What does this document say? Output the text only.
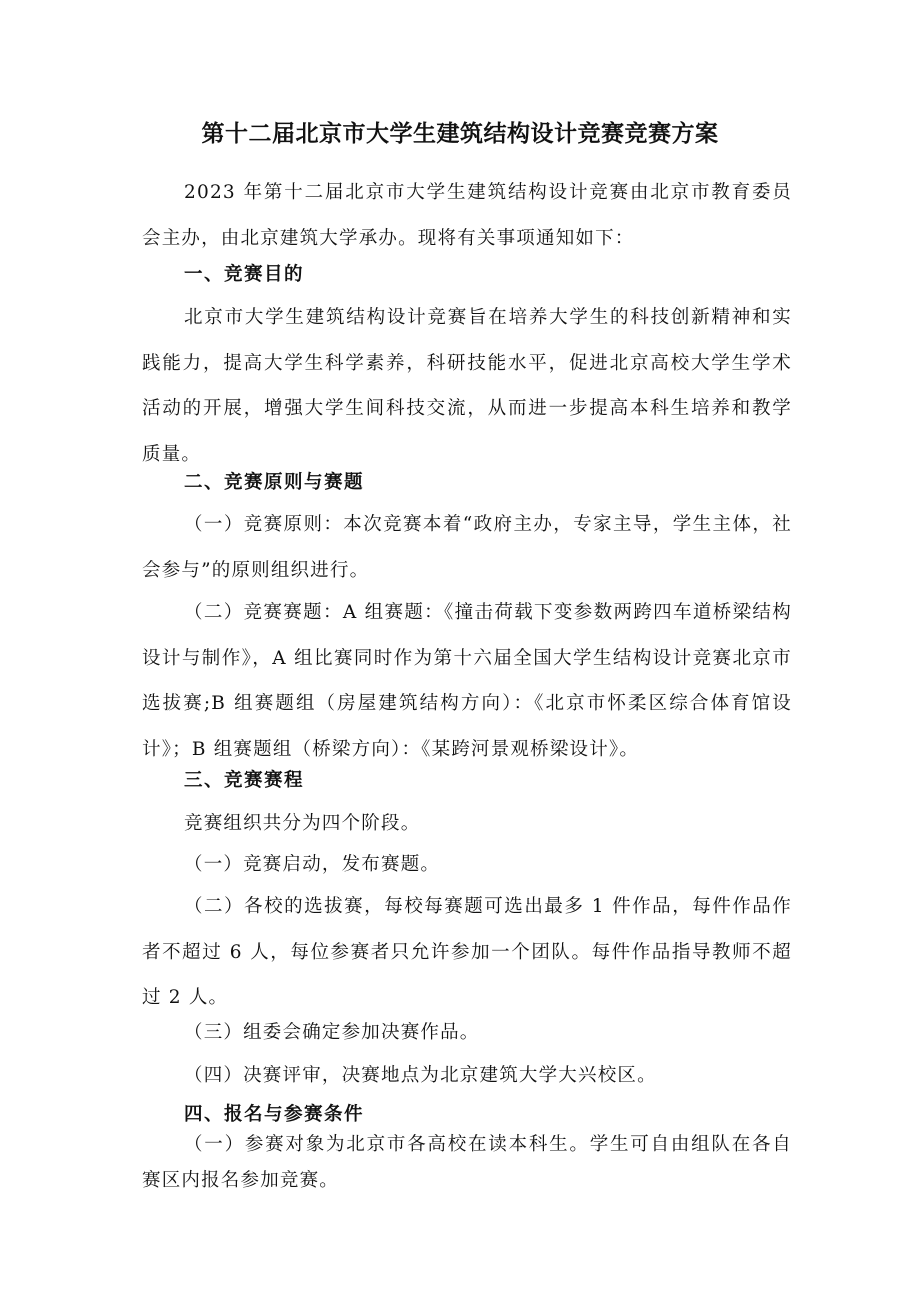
第十二届北京市大学生建筑结构设计竞赛竞赛方案

2023 年第十二届北京市大学生建筑结构设计竞赛由北京市教育委员会主办，由北京建筑大学承办。现将有关事项通知如下：

一、竞赛目的

北京市大学生建筑结构设计竞赛旨在培养大学生的科技创新精神和实践能力，提高大学生科学素养，科研技能水平，促进北京高校大学生学术活动的开展，增强大学生间科技交流，从而进一步提高本科生培养和教学质量。

二、竞赛原则与赛题

（一）竞赛原则：本次竞赛本着“政府主办，专家主导，学生主体，社会参与”的原则组织进行。

（二）竞赛赛题：A 组赛题：《撞击荷载下变参数两跨四车道桥梁结构设计与制作》，A 组比赛同时作为第十六届全国大学生结构设计竞赛北京市选拔赛;B 组赛题组（房屋建筑结构方向）：《北京市怀柔区综合体育馆设计》；B 组赛题组（桥梁方向）：《某跨河景观桥梁设计》。

三、竞赛赛程

竞赛组织共分为四个阶段。

（一）竞赛启动，发布赛题。

（二）各校的选拔赛，每校每赛题可选出最多 1 件作品，每件作品作者不超过 6 人，每位参赛者只允许参加一个团队。每件作品指导教师不超过 2 人。

（三）组委会确定参加决赛作品。

（四）决赛评审，决赛地点为北京建筑大学大兴校区。

四、报名与参赛条件

（一）参赛对象为北京市各高校在读本科生。学生可自由组队在各自赛区内报名参加竞赛。
